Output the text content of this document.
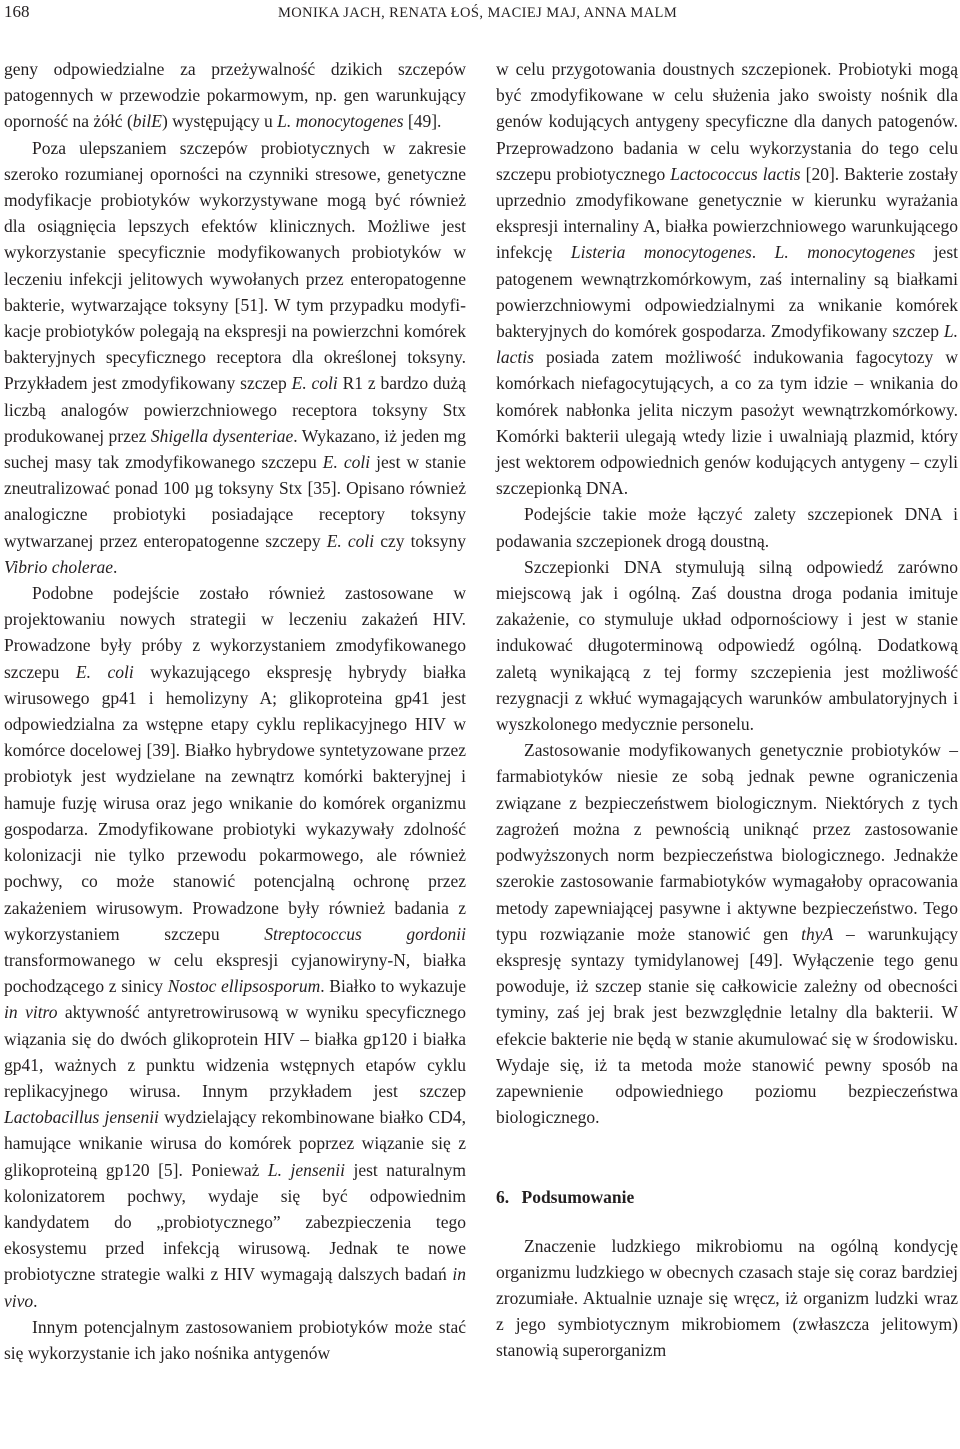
168	MONIKA JACH, RENATA ŁOŚ, MACIEJ MAJ, ANNA MALM

geny odpowiedzialne za przeżywalność dzikich szczepów patogennych w przewodzie pokarmowym, np. gen warunkujący oporność na żółć (bilE) występujący u L. monocytogenes [49].

Poza ulepszaniem szczepów probiotycznych w zakresie szeroko rozumianej oporności na czynniki stresowe, genetyczne modyfikacje probiotyków wykorzystywane mogą być również dla osiągnięcia lepszych efektów klinicznych. Możliwe jest wykorzystanie specyficznie modyfikowanych probiotyków w leczeniu infekcji jelitowych wywołanych przez enteropatogenne bakterie, wytwarzające toksyny [51]. W tym przypadku modyfikacje probiotyków polegają na ekspresji na powierzchni komórek bakteryjnych specyficznego receptora dla określonej toksyny. Przykładem jest zmodyfikowany szczep E. coli R1 z bardzo dużą liczbą analogów powierzchniowego receptora toksyny Stx produkowanej przez Shigella dysenteriae. Wykazano, iż jeden mg suchej masy tak zmodyfikowanego szczepu E. coli jest w stanie zneutralizować ponad 100 µg toksyny Stx [35]. Opisano również analogiczne probiotyki posiadające receptory toksyny wytwarzanej przez enteropatogenne szczepy E. coli czy toksyny Vibrio cholerae.

Podobne podejście zostało również zastosowane w projektowaniu nowych strategii w leczeniu zakażeń HIV. Prowadzone były próby z wykorzystaniem zmodyfikowanego szczepu E. coli wykazującego ekspresję hybrydy białka wirusowego gp41 i hemolizyny A; glikoproteina gp41 jest odpowiedzialna za wstępne etapy cyklu replikacyjnego HIV w komórce docelowej [39]. Białko hybrydowe syntetyzowane przez probiotyk jest wydzielane na zewnątrz komórki bakteryjnej i hamuje fuzję wirusa oraz jego wnikanie do komórek organizmu gospodarza. Zmodyfikowane probiotyki wykazywały zdolność kolonizacji nie tylko przewodu pokarmowego, ale również pochwy, co może stanowić potencjalną ochronę przez zakażeniem wirusowym. Prowadzone były również badania z wykorzystaniem szczepu Streptococcus gordonii transformowanego w celu ekspresji cyjanowiryny-N, białka pochodzącego z sinicy Nostoc ellipsosporum. Białko to wykazuje in vitro aktywność antyretrowirusową w wyniku specyficznego wiązania się do dwóch glikoprotein HIV – białka gp120 i białka gp41, ważnych z punktu widzenia wstępnych etapów cyklu replikacyjnego wirusa. Innym przykładem jest szczep Lactobacillus jensenii wydzielający rekombinowane białko CD4, hamujące wnikanie wirusa do komórek poprzez wiązanie się z glikoproteiną gp120 [5]. Ponieważ L. jensenii jest naturalnym kolonizatorem pochwy, wydaje się być odpowiednim kandydatem do „probiotycznego” zabezpieczenia tego ekosystemu przed infekcją wirusową. Jednak te nowe probiotyczne strategie walki z HIV wymagają dalszych badań in vivo.

Innym potencjalnym zastosowaniem probiotyków może stać się wykorzystanie ich jako nośnika antygenów

w celu przygotowania doustnych szczepionek. Probiotyki mogą być zmodyfikowane w celu służenia jako swoisty nośnik dla genów kodujących antygeny specyficzne dla danych patogenów. Przeprowadzono badania w celu wykorzystania do tego celu szczepu probiotycznego Lactococcus lactis [20]. Bakterie zostały uprzednio zmodyfikowane genetycznie w kierunku wyrażania ekspresji internaliny A, białka powierzchniowego warunkującego infekcję Listeria monocytogenes. L. monocytogenes jest patogenem wewnątrzkomórkowym, zaś internaliny są białkami powierzchniowymi odpowiedzialnymi za wnikanie komórek bakteryjnych do komórek gospodarza. Zmodyfikowany szczep L. lactis posiada zatem możliwość indukowania fagocytozy w komórkach niefagocytujących, a co za tym idzie – wnikania do komórek nabłonka jelita niczym pasożyt wewnątrzkomórkowy. Komórki bakterii ulegają wtedy lizie i uwalniają plazmid, który jest wektorem odpowiednich genów kodujących antygeny – czyli szczepionką DNA.

Podejście takie może łączyć zalety szczepionek DNA i podawania szczepionek drogą doustną.

Szczepionki DNA stymulują silną odpowiedź zarówno miejscową jak i ogólną. Zaś doustna droga podania imituje zakażenie, co stymuluje układ odpornościowy i jest w stanie indukować długoterminową odpowiedź ogólną. Dodatkową zaletą wynikającą z tej formy szczepienia jest możliwość rezygnacji z wkłuć wymagających warunków ambulatoryjnych i wyszkolonego medycznie personelu.

Zastosowanie modyfikowanych genetycznie probiotyków – farmabiotyków niesie ze sobą jednak pewne ograniczenia związane z bezpieczeństwem biologicznym. Niektórych z tych zagrożeń można z pewnością uniknąć przez zastosowanie podwyższonych norm bezpieczeństwa biologicznego. Jednakże szerokie zastosowanie farmabiotyków wymagałoby opracowania metody zapewniającej pasywne i aktywne bezpieczeństwo. Tego typu rozwiązanie może stanowić gen thyA – warunkujący ekspresję syntazy tymidylanowej [49]. Wyłączenie tego genu powoduje, iż szczep stanie się całkowicie zależny od obecności tyminy, zaś jej brak jest bezwzględnie letalny dla bakterii. W efekcie bakterie nie będą w stanie akumulować się w środowisku. Wydaje się, iż ta metoda może stanowić pewny sposób na zapewnienie odpowiedniego poziomu bezpieczeństwa biologicznego.

6. Podsumowanie

Znaczenie ludzkiego mikrobiomu na ogólną kondycję organizmu ludzkiego w obecnych czasach staje się coraz bardziej zrozumiałe. Aktualnie uznaje się wręcz, iż organizm ludzki wraz z jego symbiotycznym mikrobiomem (zwłaszcza jelitowym) stanowią superorganizm
